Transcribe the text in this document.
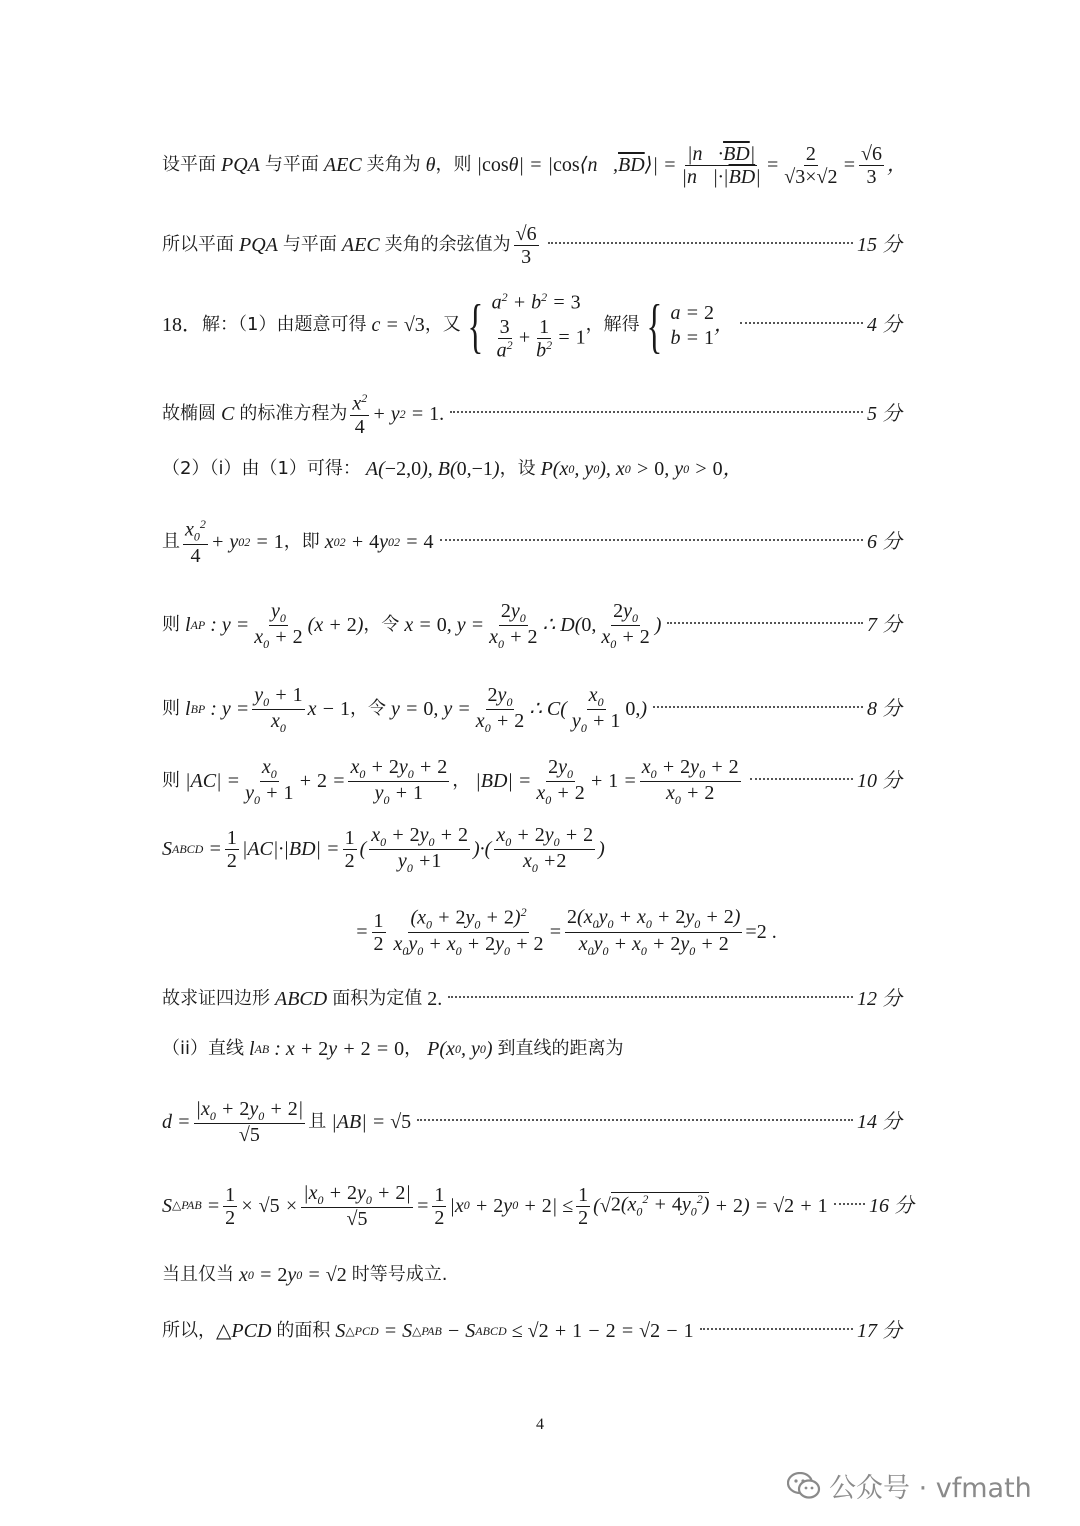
设平面 PQA 与平面 AEC 夹角为 θ ，则 | cos θ| = | cos ⟨n⃗, $\overline{BD}$ ⟩| = $\frac{|n⃗\cdot\overline{BD}|}{|n⃗|\cdot|\overline{BD}|} = \frac{2}{√3\times√2} = \frac{√6}{3}$ ，
所以平面 PQA 与平面 AEC 夹角的余弦值为 $\frac{√6}{3}$	15 分
18． 解：（1）由题意可得 c = √3 ，又 { $a^2 + b^2 = 3$
$\frac{3}{a^2} + \frac{1}{b^2} = 1$
，解得 { a = 2
b = 1
，	4 分
故椭圆 C 的标准方程为 $\frac{x^2}{4} + y$ 2 = 1.	5 分
（2）（i）由（1）可得： A( −2,0 ), B( 0,−1 ) ，设 P(x 0 , y 0 ), x 0 > 0 , y 0 > 0 ，
且 $\frac{x_0^2}{4} + y$ 0 2 = 1 ，即 x 0 2 + 4 y 0 2 = 4	6 分
则 l AP : $y = \frac{y_0}{x_0 + 2} (x + 2$ ) ，令 x = 0 , $y = \frac{2y_0}{x_0 + 2}$ ∴ D( 0, $\frac{2y_0}{x_0 + 2}$ )	7 分
则 l BP : $y = \frac{y_0 + 1}{x_0}$ x − 1 ，令 y = 0 , $y = \frac{2y_0}{x_0 + 2}$ ∴ $C( \frac{x_0}{y_0 + 1} 0$, )	8 分
则 $|AC| = \frac{x_0}{y_0 + 1} + 2 = \frac{x_0 + 2y_0 + 2}{y_0 + 1}$ ， $|BD| = \frac{2y_0}{x_0 + 2} + 1 = \frac{x_0 + 2y_0 + 2}{x_0 + 2}$	10 分
S ABCD = $\frac{1}{2} |AC|\cdot|BD| = \frac{1}{2}$ ( $\frac{x_0 + 2y_0 + 2}{y_0 +1}$ )·( $\frac{x_0 + 2y_0 + 2}{x_0 +2}$ )
= $\frac{1}{2} \frac{(x_0 + 2y_0 + 2)^2}{x_0y_0 + x_0 + 2y_0 + 2} = \frac{2(x_0y_0 + x_0 + 2y_0 + 2)}{x_0y_0 + x_0 + 2y_0 + 2} =2$ .
故求证四边形 ABCD 面积为定值
2.	12 分
（ii）直线 l AB : x + 2 y + 2 = 0 ， P(x 0 , y 0 ) 到直线的距离为
$d = \frac{|x_0 + 2y_0 + 2|}{√5}$ 且 |AB| = √5	14 分
S △PAB = $\frac{1}{2} \times √5 \times \frac{|x_0 + 2y_0 + 2|}{√5} = \frac{1}{2} |x$ 0 + 2 y 0 + 2 | ≤ $\frac{1}{2}$ ( √ $2(x_0^2 + 4y_0^2) + 2$ ) = √2 + 1 16 分
当且仅当 x 0 = 2 y 0 = √2
时等号成立.
所以， △PCD 的面积 S △PCD = S △PAB − S ABCD ≤ √2 + 1 − 2 = √2 − 1	17 分
4
公众号 · vfmath
